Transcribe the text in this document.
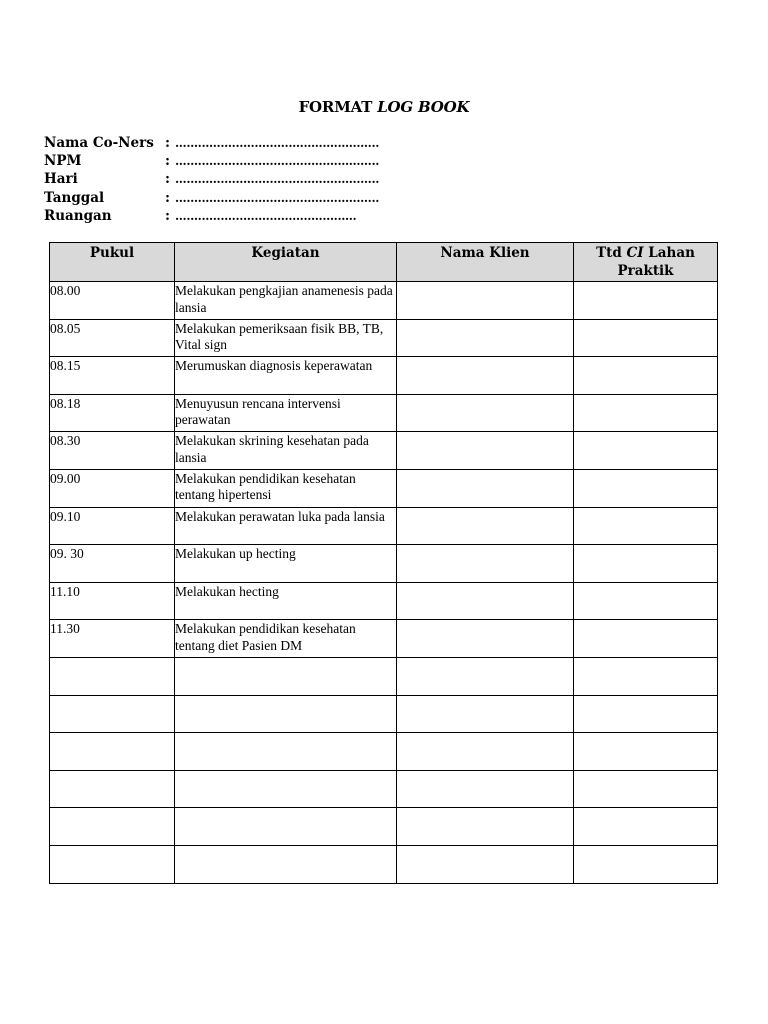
FORMAT LOG BOOK
Nama Co-Ners : ......................................................
NPM	: ......................................................
Hari	: ......................................................
Tanggal	: ......................................................
Ruangan	: ................................................
Pukul	Kegiatan	Nama Klien	Ttd CI Lahan Praktik
08.00	Melakukan pengkajian anamenesis pada lansia		
08.05	Melakukan pemeriksaan fisik BB, TB, Vital sign		
08.15	Merumuskan diagnosis keperawatan		
08.18	Menuyusun rencana intervensi perawatan		
08.30	Melakukan skrining kesehatan pada lansia		
09.00	Melakukan pendidikan kesehatan tentang hipertensi		
09.10	Melakukan perawatan luka pada lansia		
09. 30	Melakukan up hecting		
11.10	Melakukan hecting		
11.30	Melakukan pendidikan kesehatan tentang diet Pasien DM		
